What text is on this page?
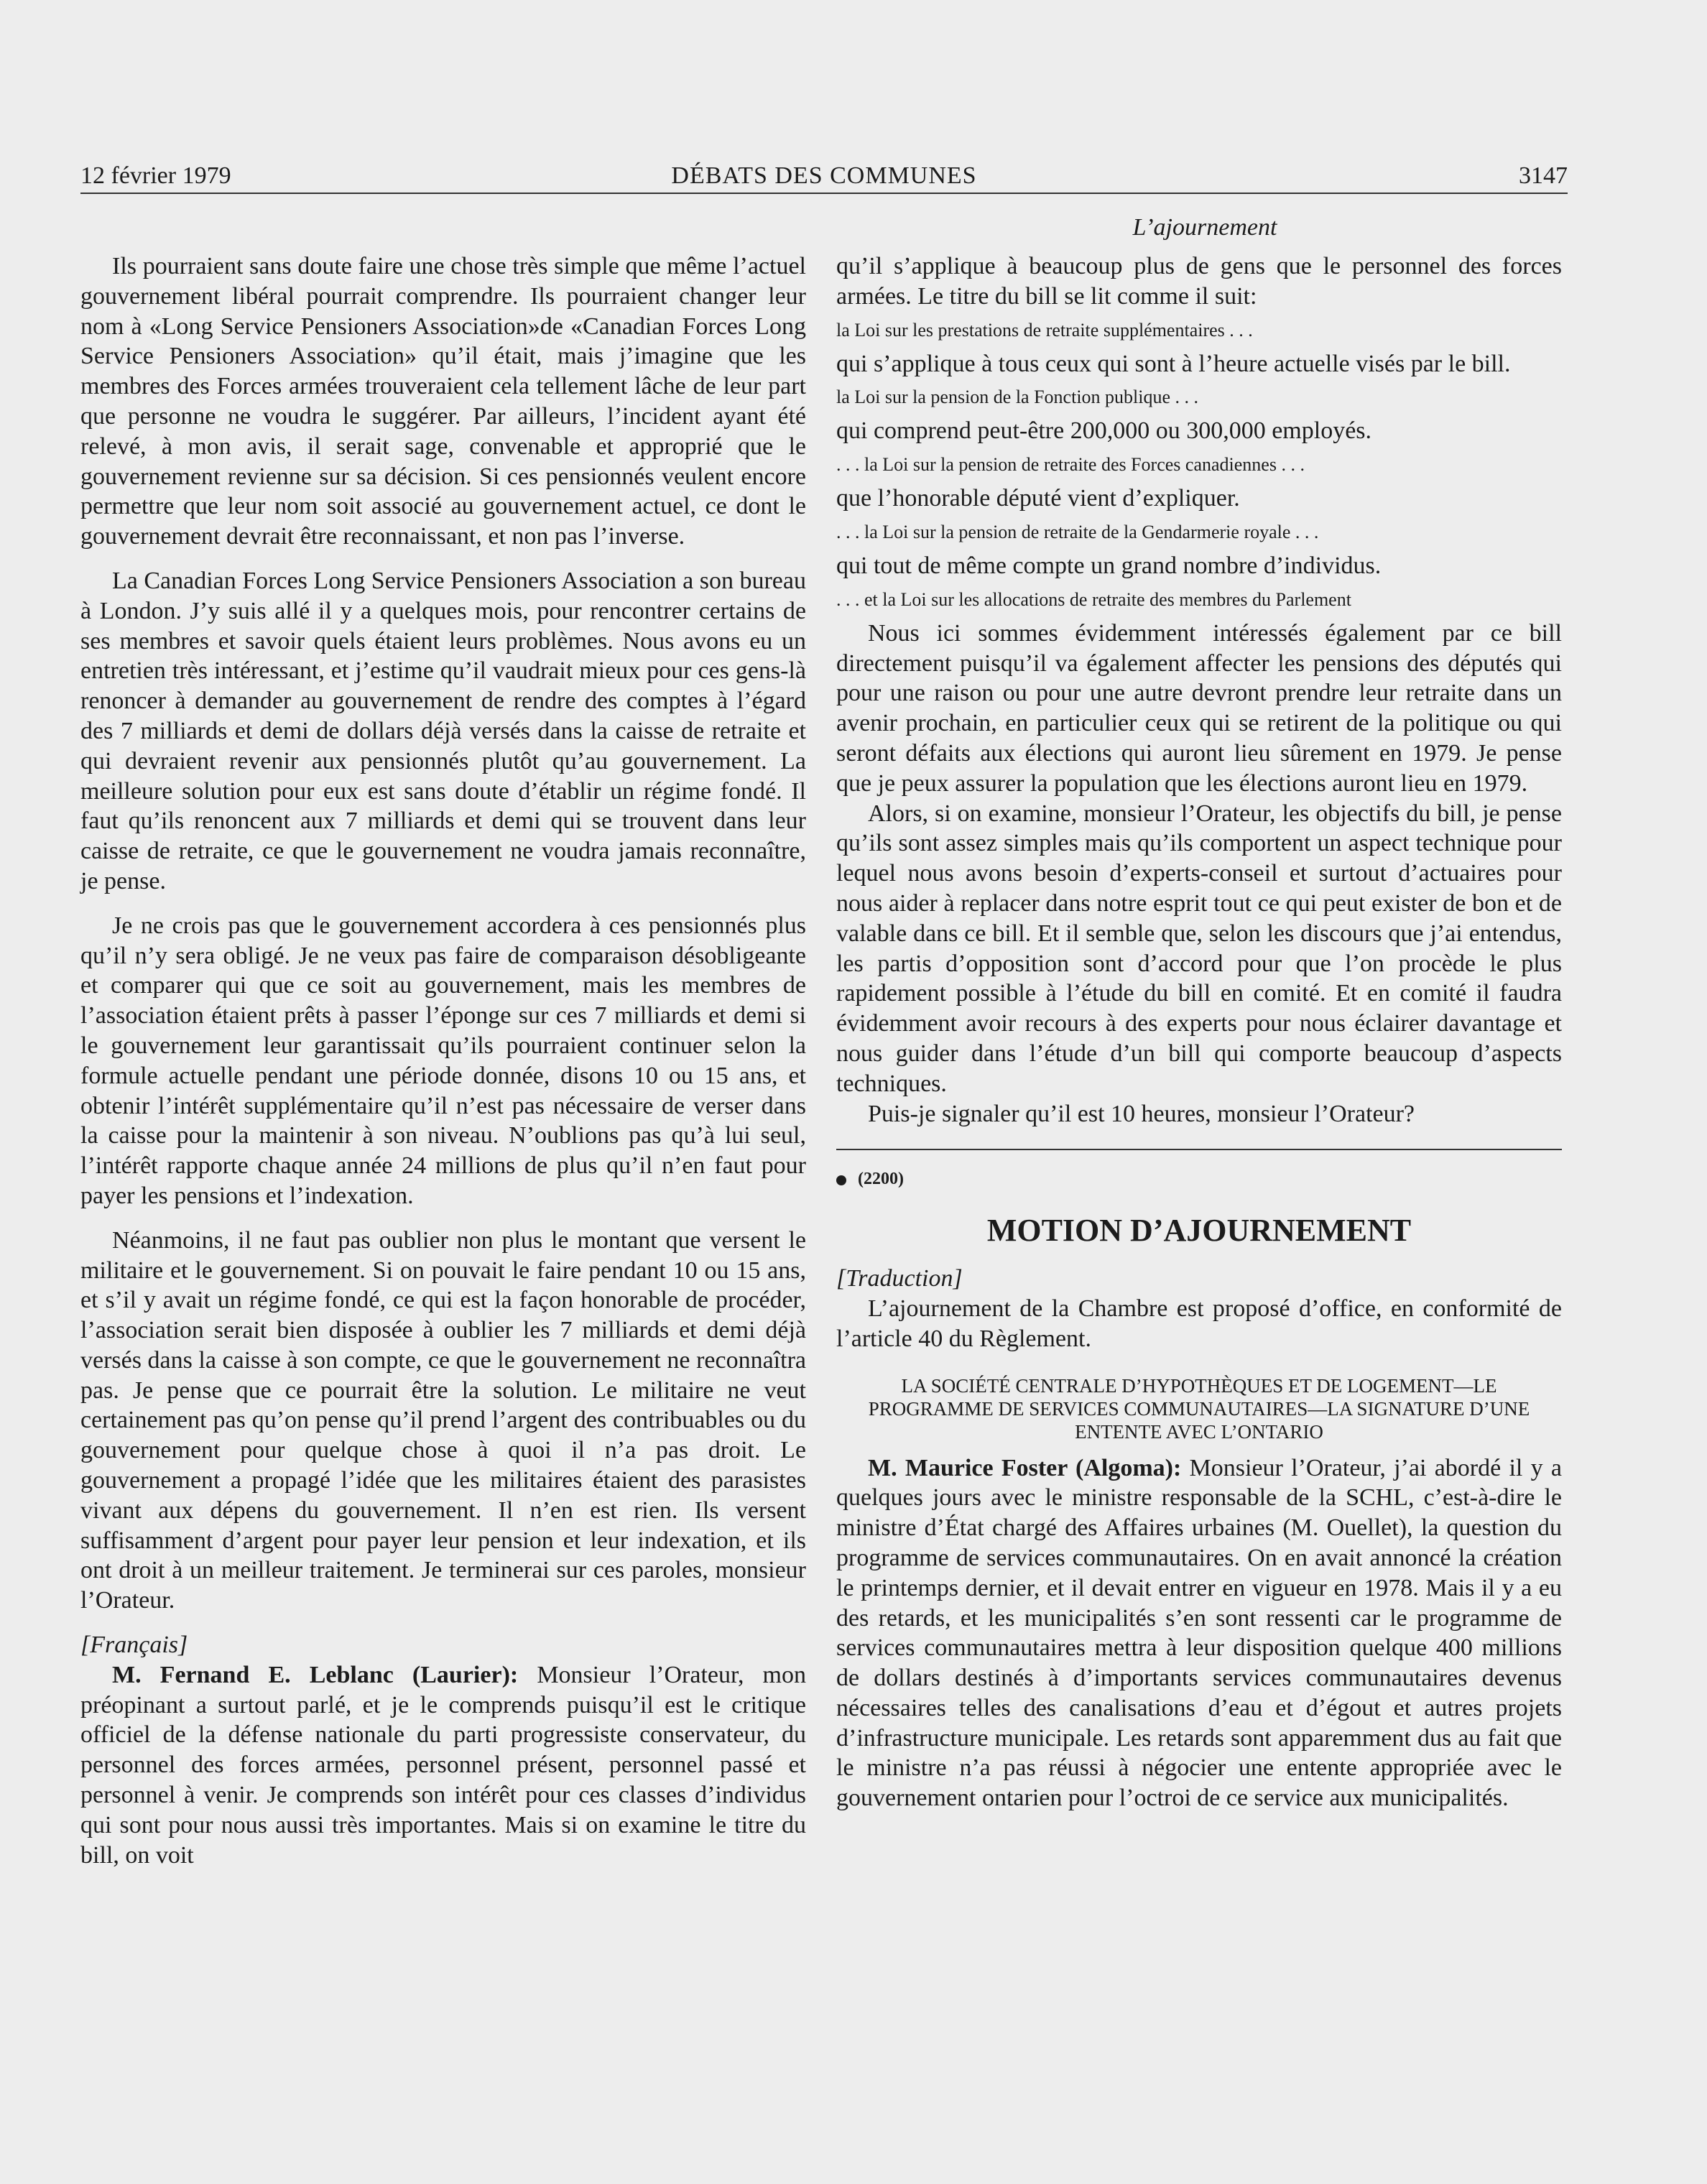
12 février 1979	DÉBATS DES COMMUNES	3147
L’ajournement

Ils pourraient sans doute faire une chose très simple que même l’actuel gouvernement libéral pourrait comprendre. Ils pourraient changer leur nom à «Long Service Pensioners Association»de «Canadian Forces Long Service Pensioners Association» qu’il était, mais j’imagine que les membres des Forces armées trouveraient cela tellement lâche de leur part que personne ne voudra le suggérer. Par ailleurs, l’incident ayant été relevé, à mon avis, il serait sage, convenable et approprié que le gouvernement revienne sur sa décision. Si ces pensionnés veulent encore permettre que leur nom soit associé au gouvernement actuel, ce dont le gouvernement devrait être reconnaissant, et non pas l’inverse.

La Canadian Forces Long Service Pensioners Association a son bureau à London. J’y suis allé il y a quelques mois, pour rencontrer certains de ses membres et savoir quels étaient leurs problèmes. Nous avons eu un entretien très intéressant, et j’estime qu’il vaudrait mieux pour ces gens-là renoncer à demander au gouvernement de rendre des comptes à l’égard des 7 milliards et demi de dollars déjà versés dans la caisse de retraite et qui devraient revenir aux pensionnés plutôt qu’au gouvernement. La meilleure solution pour eux est sans doute d’établir un régime fondé. Il faut qu’ils renoncent aux 7 milliards et demi qui se trouvent dans leur caisse de retraite, ce que le gouvernement ne voudra jamais reconnaître, je pense.

Je ne crois pas que le gouvernement accordera à ces pensionnés plus qu’il n’y sera obligé. Je ne veux pas faire de comparaison désobligeante et comparer qui que ce soit au gouvernement, mais les membres de l’association étaient prêts à passer l’éponge sur ces 7 milliards et demi si le gouvernement leur garantissait qu’ils pourraient continuer selon la formule actuelle pendant une période donnée, disons 10 ou 15 ans, et obtenir l’intérêt supplémentaire qu’il n’est pas nécessaire de verser dans la caisse pour la maintenir à son niveau. N’oublions pas qu’à lui seul, l’intérêt rapporte chaque année 24 millions de plus qu’il n’en faut pour payer les pensions et l’indexation.

Néanmoins, il ne faut pas oublier non plus le montant que versent le militaire et le gouvernement. Si on pouvait le faire pendant 10 ou 15 ans, et s’il y avait un régime fondé, ce qui est la façon honorable de procéder, l’association serait bien disposée à oublier les 7 milliards et demi déjà versés dans la caisse à son compte, ce que le gouvernement ne reconnaîtra pas. Je pense que ce pourrait être la solution. Le militaire ne veut certainement pas qu’on pense qu’il prend l’argent des contribuables ou du gouvernement pour quelque chose à quoi il n’a pas droit. Le gouvernement a propagé l’idée que les militaires étaient des parasistes vivant aux dépens du gouvernement. Il n’en est rien. Ils versent suffisamment d’argent pour payer leur pension et leur indexation, et ils ont droit à un meilleur traitement. Je terminerai sur ces paroles, monsieur l’Orateur.

[Français]

M. Fernand E. Leblanc (Laurier): Monsieur l’Orateur, mon préopinant a surtout parlé, et je le comprends puisqu’il est le critique officiel de la défense nationale du parti progressiste conservateur, du personnel des forces armées, personnel présent, personnel passé et personnel à venir. Je comprends son intérêt pour ces classes d’individus qui sont pour nous aussi très importantes. Mais si on examine le titre du bill, on voit

qu’il s’applique à beaucoup plus de gens que le personnel des forces armées. Le titre du bill se lit comme il suit:

la Loi sur les prestations de retraite supplémentaires . . .

qui s’applique à tous ceux qui sont à l’heure actuelle visés par le bill.

la Loi sur la pension de la Fonction publique . . .

qui comprend peut-être 200,000 ou 300,000 employés.

. . . la Loi sur la pension de retraite des Forces canadiennes . . .

que l’honorable député vient d’expliquer.

. . . la Loi sur la pension de retraite de la Gendarmerie royale . . .

qui tout de même compte un grand nombre d’individus.

. . . et la Loi sur les allocations de retraite des membres du Parlement

Nous ici sommes évidemment intéressés également par ce bill directement puisqu’il va également affecter les pensions des députés qui pour une raison ou pour une autre devront prendre leur retraite dans un avenir prochain, en particulier ceux qui se retirent de la politique ou qui seront défaits aux élections qui auront lieu sûrement en 1979. Je pense que je peux assurer la population que les élections auront lieu en 1979.

Alors, si on examine, monsieur l’Orateur, les objectifs du bill, je pense qu’ils sont assez simples mais qu’ils comportent un aspect technique pour lequel nous avons besoin d’experts-conseil et surtout d’actuaires pour nous aider à replacer dans notre esprit tout ce qui peut exister de bon et de valable dans ce bill. Et il semble que, selon les discours que j’ai entendus, les partis d’opposition sont d’accord pour que l’on procède le plus rapidement possible à l’étude du bill en comité. Et en comité il faudra évidemment avoir recours à des experts pour nous éclairer davantage et nous guider dans l’étude d’un bill qui comporte beaucoup d’aspects techniques.

Puis-je signaler qu’il est 10 heures, monsieur l’Orateur?

(2200)
MOTION D’AJOURNEMENT

[Traduction]

L’ajournement de la Chambre est proposé d’office, en conformité de l’article 40 du Règlement.

LA SOCIÉTÉ CENTRALE D’HYPOTHÈQUES ET DE LOGEMENT—LE PROGRAMME DE SERVICES COMMUNAUTAIRES—LA SIGNATURE D’UNE ENTENTE AVEC L’ONTARIO

M. Maurice Foster (Algoma): Monsieur l’Orateur, j’ai abordé il y a quelques jours avec le ministre responsable de la SCHL, c’est-à-dire le ministre d’État chargé des Affaires urbaines (M. Ouellet), la question du programme de services communautaires. On en avait annoncé la création le printemps dernier, et il devait entrer en vigueur en 1978. Mais il y a eu des retards, et les municipalités s’en sont ressenti car le programme de services communautaires mettra à leur disposition quelque 400 millions de dollars destinés à d’importants services communautaires devenus nécessaires telles des canalisations d’eau et d’égout et autres projets d’infrastructure municipale. Les retards sont apparemment dus au fait que le ministre n’a pas réussi à négocier une entente appropriée avec le gouvernement ontarien pour l’octroi de ce service aux municipalités.
